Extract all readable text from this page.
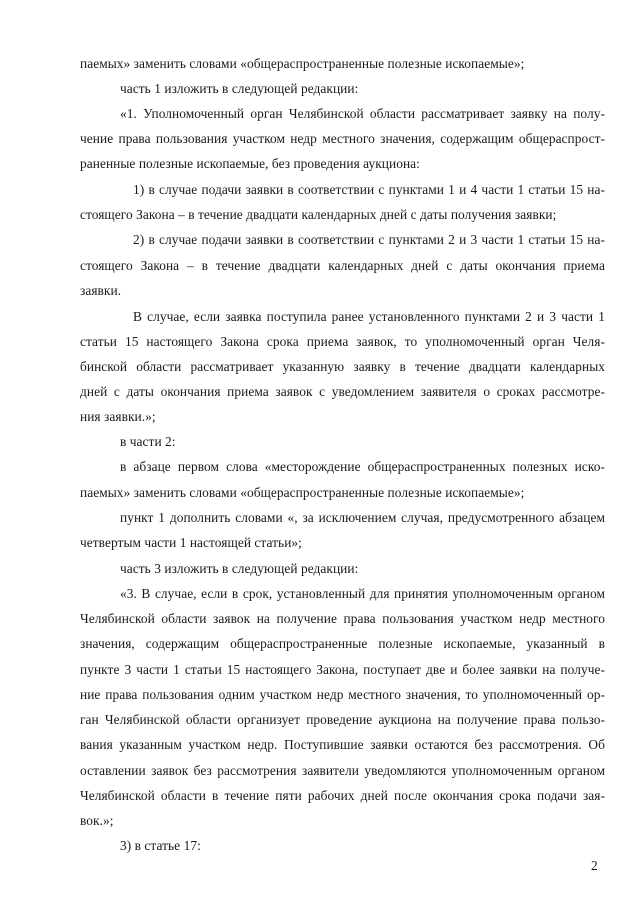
паемых» заменить словами «общераспространенные полезные ископаемые»;
часть 1 изложить в следующей редакции:
«1. Уполномоченный орган Челябинской области рассматривает заявку на полу-
чение права пользования участком недр местного значения, содержащим общераспрост-
раненные полезные ископаемые, без проведения аукциона:
1) в случае подачи заявки в соответствии с пунктами 1 и 4 части 1 статьи 15 на-
стоящего Закона – в течение двадцати календарных дней с даты получения заявки;
2) в случае подачи заявки в соответствии с пунктами 2 и 3 части 1 статьи 15 на-
стоящего Закона – в течение двадцати календарных дней с даты окончания приема
заявки.
В случае, если заявка поступила ранее установленного пунктами 2 и 3 части 1
статьи 15 настоящего Закона срока приема заявок, то уполномоченный орган Челя-
бинской области рассматривает указанную заявку в течение двадцати календарных
дней с даты окончания приема заявок с уведомлением заявителя о сроках рассмотре-
ния заявки.»;
в части 2:
в абзаце первом слова «месторождение общераспространенных полезных иско-
паемых» заменить словами «общераспространенные полезные ископаемые»;
пункт 1 дополнить словами «, за исключением случая, предусмотренного абзацем
четвертым части 1 настоящей статьи»;
часть 3 изложить в следующей редакции:
«3. В случае, если в срок, установленный для принятия уполномоченным органом
Челябинской области заявок на получение права пользования участком недр местного
значения, содержащим общераспространенные полезные ископаемые, указанный в
пункте 3 части 1 статьи 15 настоящего Закона, поступает две и более заявки на получе-
ние права пользования одним участком недр местного значения, то уполномоченный ор-
ган Челябинской области организует проведение аукциона на получение права пользо-
вания указанным участком недр. Поступившие заявки остаются без рассмотрения. Об
оставлении заявок без рассмотрения заявители уведомляются уполномоченным органом
Челябинской области в течение пяти рабочих дней после окончания срока подачи зая-
вок.»;
3) в статье 17:
2
